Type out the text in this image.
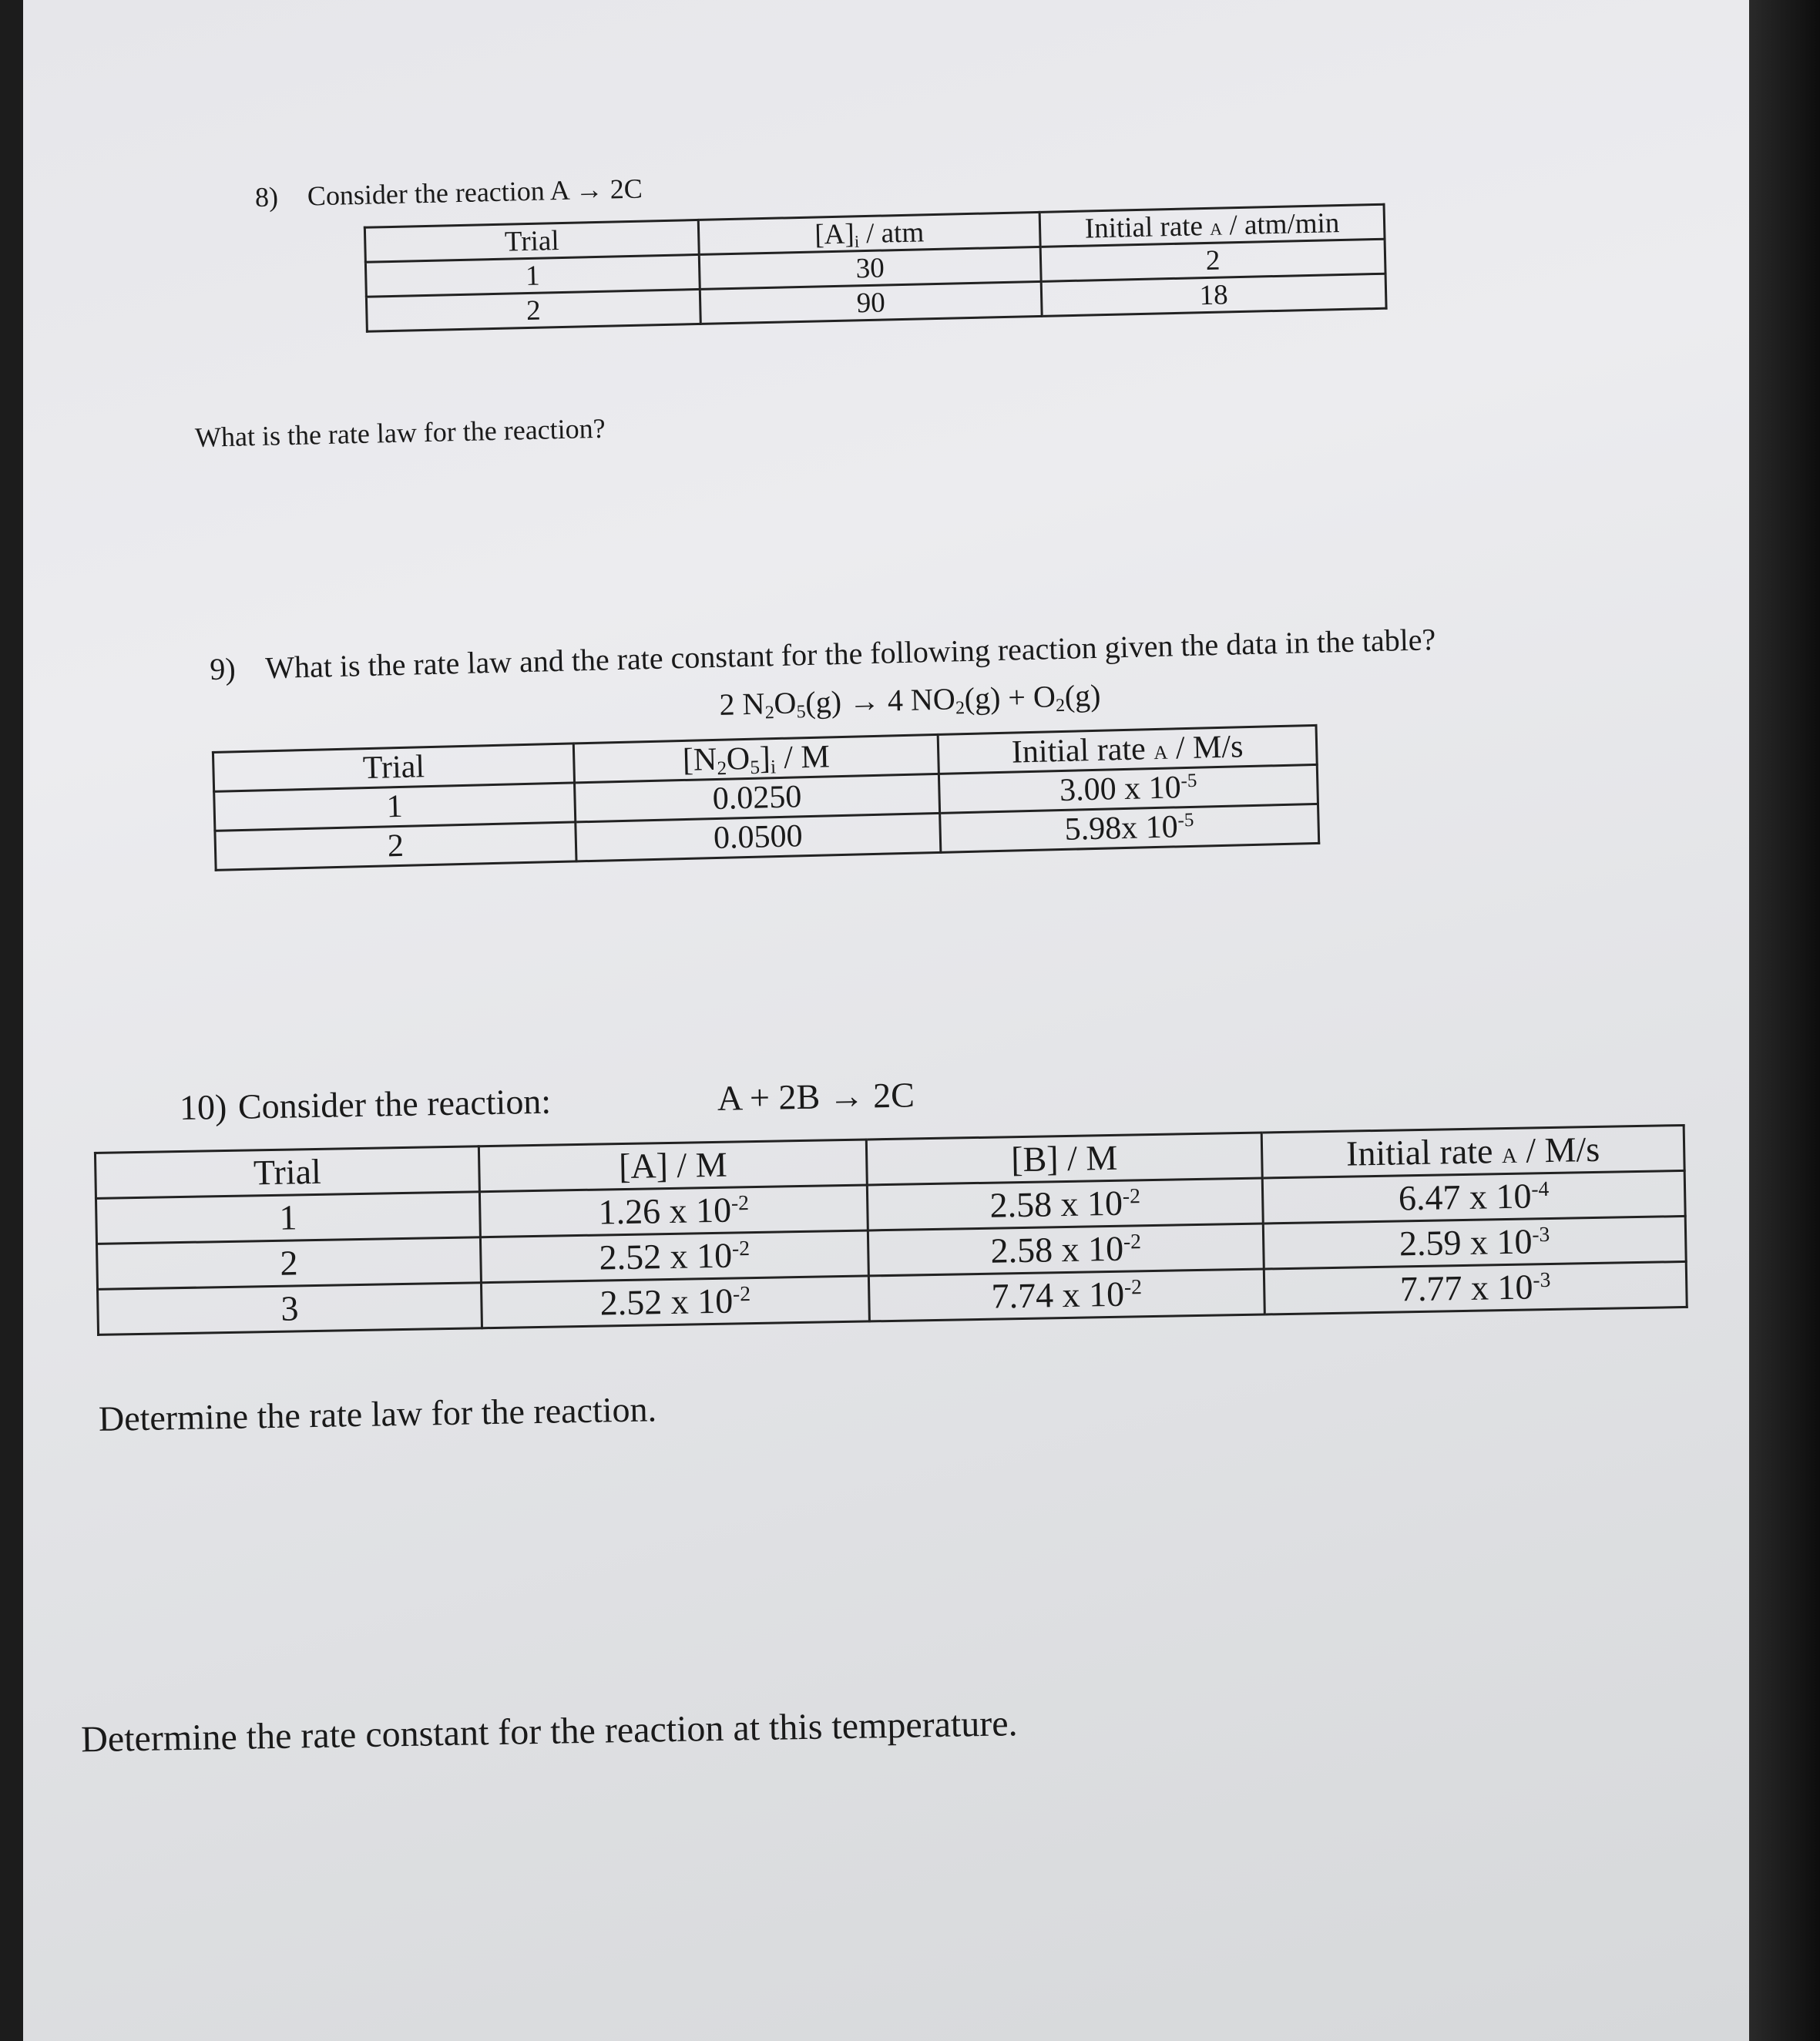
8) Consider the reaction A → 2C
Trial	$[A]_i$ / atm	Initial rate A / atm/min
1	30	2
2	90	18
What is the rate law for the reaction?
9) What is the rate law and the rate constant for the following reaction given the data in the table?
2 $N_2O_5(g) \to 4$ $NO_2(g) + O_2(g)$
Trial	$[N_2O_5]_i$ / M	Initial rate A / M/s
1	0.0250	3.00 x $10^{-5}$
2	0.0500	5.98x $10^{-5}$
10) Consider the reaction:	A + 2B → 2C
Trial	[A] / M	[B] / M	Initial rate A / M/s
1	1.26 x $10^{-2}$	2.58 x $10^{-2}$	6.47 x $10^{-4}$
2	2.52 x $10^{-2}$	2.58 x $10^{-2}$	2.59 x $10^{-3}$
3	2.52 x $10^{-2}$	7.74 x $10^{-2}$	7.77 x $10^{-3}$
Determine the rate law for the reaction.
Determine the rate constant for the reaction at this temperature.
